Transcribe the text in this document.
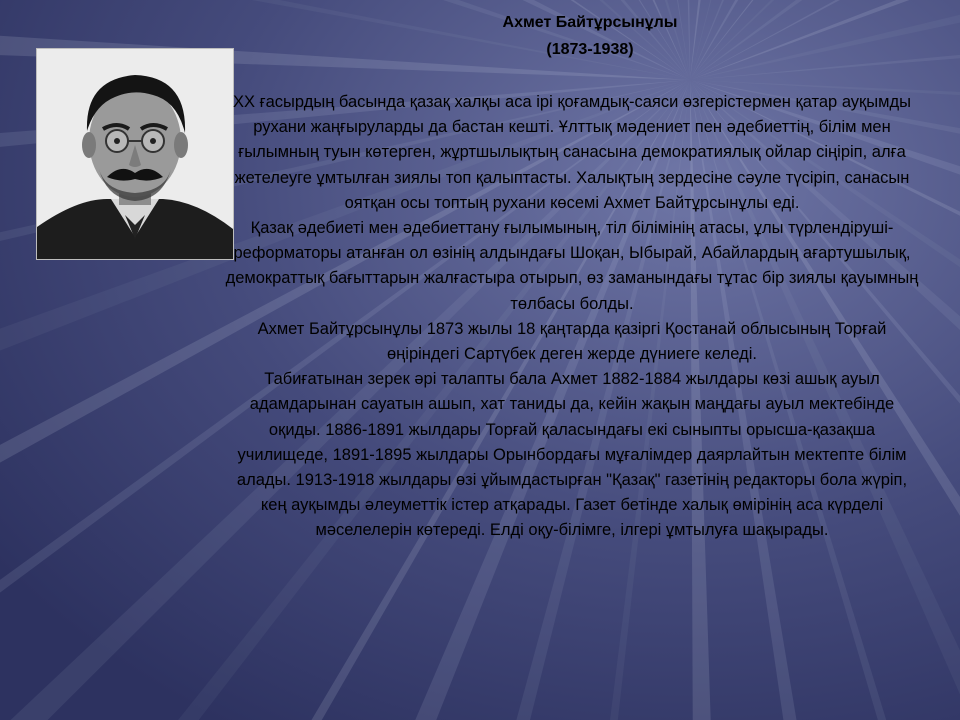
Ахмет Байтұрсынұлы
(1873-1938)

ХХ ғасырдың басында қазақ халқы аса ірі қоғамдық-саяси өзгерістермен қатар ауқымды рухани жаңғыруларды да бастан кешті. Ұлттық мәдениет пен әдебиеттің, білім мен ғылымның туын көтерген, жұртшылықтың санасына демократиялық ойлар сіңіріп, алға жетелеуге ұмтылған зиялы топ қалыптасты. Халықтың зердесіне сәуле түсіріп, санасын оятқан осы топтың рухани көсемі Ахмет Байтұрсынұлы еді.

Қазақ әдебиеті мен әдебиеттану ғылымының, тіл білімінің атасы, ұлы түрлендіруші-реформаторы атанған ол өзінің алдындағы Шоқан, Ыбырай, Абайлардың ағартушылық, демократтық бағыттарын жалғастыра отырып, өз заманындағы тұтас бір зиялы қауымның төлбасы болды.

Ахмет Байтұрсынұлы 1873 жылы 18 қаңтарда қазіргі Қостанай облысының Торғай өңіріндегі Сартүбек деген жерде дүниеге келеді.

Табиғатынан зерек әрі талапты бала Ахмет 1882-1884 жылдары көзі ашық ауыл адамдарынан сауатын ашып, хат таниды да, кейін жақын маңдағы ауыл мектебінде оқиды. 1886-1891 жылдары Торғай қаласындағы екі сыныпты орысша-қазақша училищеде, 1891-1895 жылдары Орынбордағы мұғалімдер даярлайтын мектепте білім алады. 1913-1918 жылдары өзі ұйымдастырған "Қазақ" газетінің редакторы бола жүріп, кең ауқымды әлеуметтік істер атқарады. Газет бетінде халық өмірінің аса күрделі мәселелерін көтереді. Елді оқу-білімге, ілгері ұмтылуға шақырады.
